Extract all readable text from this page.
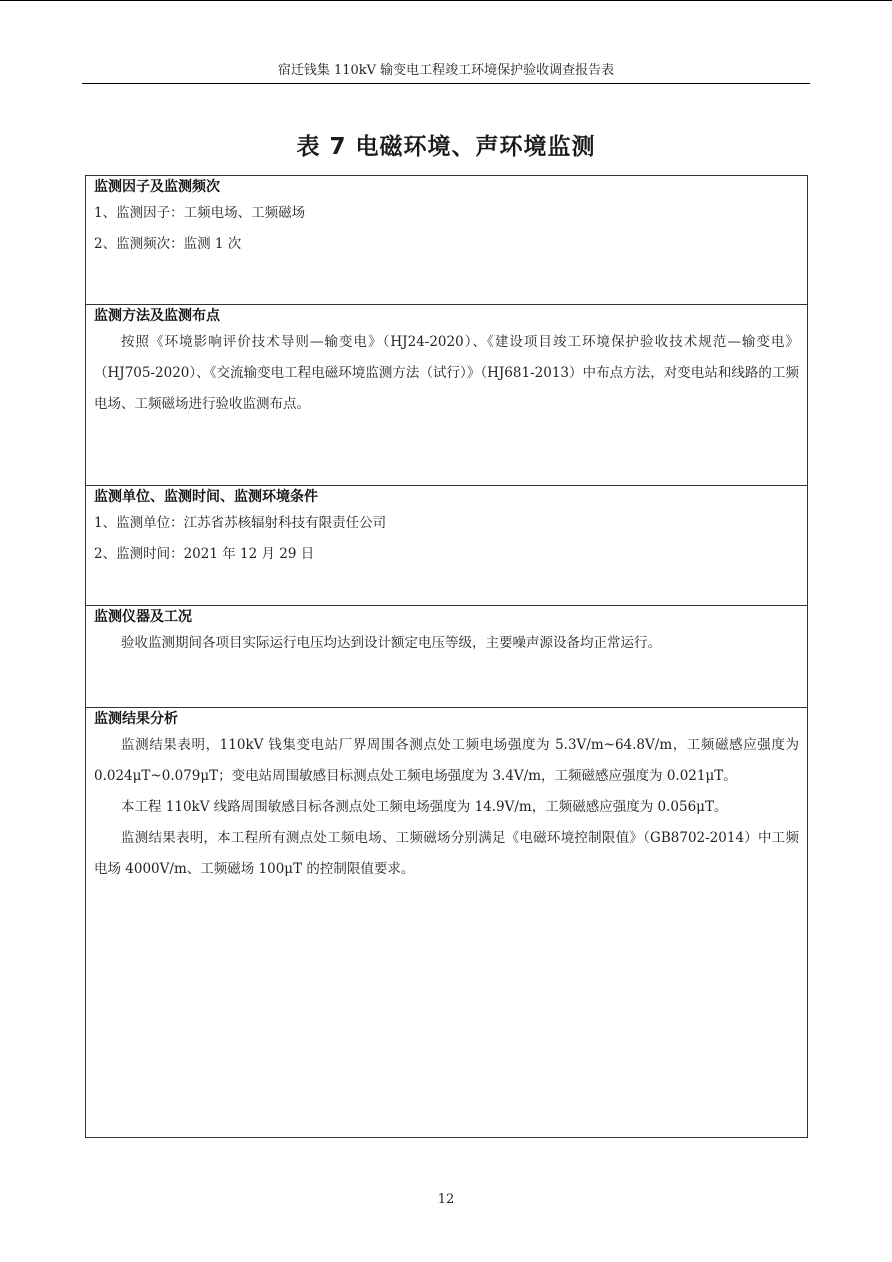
宿迁钱集 110kV 输变电工程竣工环境保护验收调查报告表
表 7 电磁环境、声环境监测
监测因子及监测频次

1、监测因子：工频电场、工频磁场

2、监测频次：监测 1 次

监测方法及监测布点

按照《环境影响评价技术导则—输变电》（HJ24-2020）、《建设项目竣工环境保护验收技术规范—输变电》（HJ705-2020）、《交流输变电工程电磁环境监测方法（试行）》（HJ681-2013）中布点方法，对变电站和线路的工频电场、工频磁场进行验收监测布点。

监测单位、监测时间、监测环境条件

1、监测单位：江苏省苏核辐射科技有限责任公司

2、监测时间：2021 年 12 月 29 日

监测仪器及工况

验收监测期间各项目实际运行电压均达到设计额定电压等级，主要噪声源设备均正常运行。

监测结果分析

监测结果表明，110kV 钱集变电站厂界周围各测点处工频电场强度为 5.3V/m~64.8V/m，工频磁感应强度为 0.024μT~0.079μT；变电站周围敏感目标测点处工频电场强度为 3.4V/m，工频磁感应强度为 0.021μT。

本工程 110kV 线路周围敏感目标各测点处工频电场强度为 14.9V/m，工频磁感应强度为 0.056μT。

监测结果表明，本工程所有测点处工频电场、工频磁场分别满足《电磁环境控制限值》（GB8702-2014）中工频电场 4000V/m、工频磁场 100μT 的控制限值要求。

12
